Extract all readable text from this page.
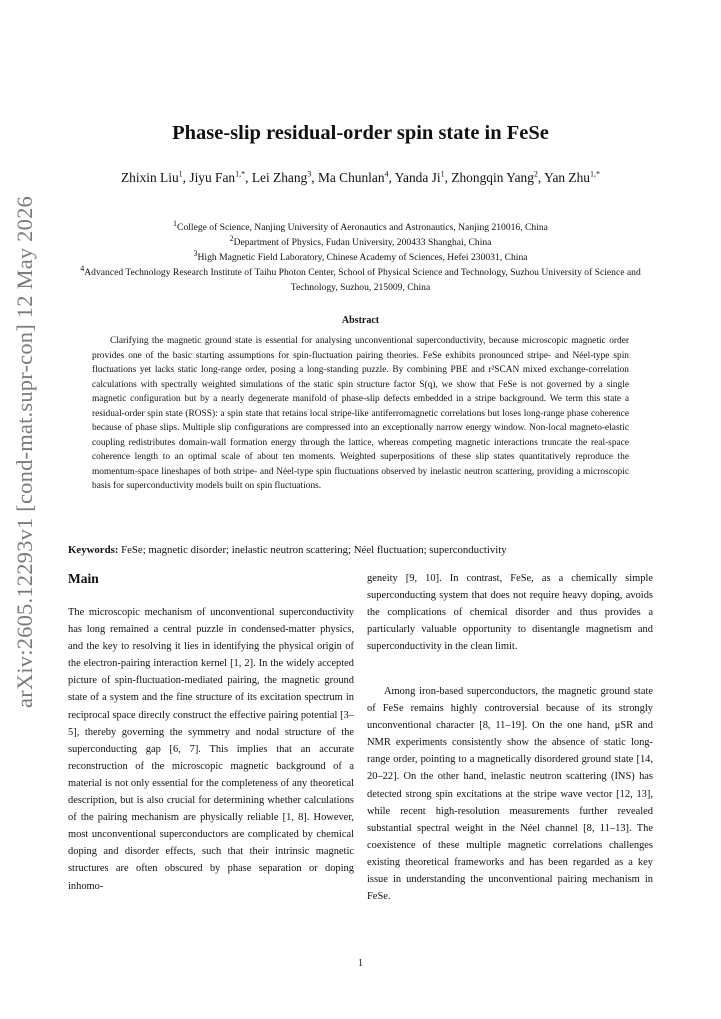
arXiv:2605.12293v1 [cond-mat.supr-con] 12 May 2026
Phase-slip residual-order spin state in FeSe
Zhixin Liu$^1$, Jiyu Fan$^{1,*}$, Lei Zhang$^3$, Ma Chunlan$^4$, Yanda Ji$^1$, Zhongqin Yang$^2$, Yan Zhu$^{1,*}$
$^1$College of Science, Nanjing University of Aeronautics and Astronautics, Nanjing 210016, China
$^2$Department of Physics, Fudan University, 200433 Shanghai, China
$^3$High Magnetic Field Laboratory, Chinese Academy of Sciences, Hefei 230031, China
$^4$Advanced Technology Research Institute of Taihu Photon Center, School of Physical Science and Technology, Suzhou University of Science and Technology, Suzhou, 215009, China
Abstract
Clarifying the magnetic ground state is essential for analysing unconventional superconductivity, because microscopic magnetic order provides one of the basic starting assumptions for spin-fluctuation pairing theories. FeSe exhibits pronounced stripe- and Néel-type spin fluctuations yet lacks static long-range order, posing a long-standing puzzle. By combining PBE and r²SCAN mixed exchange-correlation calculations with spectrally weighted simulations of the static spin structure factor S(q), we show that FeSe is not governed by a single magnetic configuration but by a nearly degenerate manifold of phase-slip defects embedded in a stripe background. We term this state a residual-order spin state (ROSS): a spin state that retains local stripe-like antiferromagnetic correlations but loses long-range phase coherence because of phase slips. Multiple slip configurations are compressed into an exceptionally narrow energy window. Non-local magneto-elastic coupling redistributes domain-wall formation energy through the lattice, whereas competing magnetic interactions truncate the real-space coherence length to an optimal scale of about ten moments. Weighted superpositions of these slip states quantitatively reproduce the momentum-space lineshapes of both stripe- and Néel-type spin fluctuations observed by inelastic neutron scattering, providing a microscopic basis for superconductivity models built on spin fluctuations.
Keywords: FeSe; magnetic disorder; inelastic neutron scattering; Néel fluctuation; superconductivity
Main
The microscopic mechanism of unconventional superconductivity has long remained a central puzzle in condensed-matter physics, and the key to resolving it lies in identifying the physical origin of the electron-pairing interaction kernel [1, 2]. In the widely accepted picture of spin-fluctuation-mediated pairing, the magnetic ground state of a system and the fine structure of its excitation spectrum in reciprocal space directly construct the effective pairing potential [3–5], thereby governing the symmetry and nodal structure of the superconducting gap [6, 7]. This implies that an accurate reconstruction of the microscopic magnetic background of a material is not only essential for the completeness of any theoretical description, but is also crucial for determining whether calculations of the pairing mechanism are physically reliable [1, 8]. However, most unconventional superconductors are complicated by chemical doping and disorder effects, such that their intrinsic magnetic structures are often obscured by phase separation or doping inhomo-
geneity [9, 10]. In contrast, FeSe, as a chemically simple superconducting system that does not require heavy doping, avoids the complications of chemical disorder and thus provides a particularly valuable opportunity to disentangle magnetism and superconductivity in the clean limit.
Among iron-based superconductors, the magnetic ground state of FeSe remains highly controversial because of its strongly unconventional character [8, 11–19]. On the one hand, μSR and NMR experiments consistently show the absence of static long-range order, pointing to a magnetically disordered ground state [14, 20–22]. On the other hand, inelastic neutron scattering (INS) has detected strong spin excitations at the stripe wave vector [12, 13], while recent high-resolution measurements further revealed substantial spectral weight in the Néel channel [8, 11–13]. The coexistence of these multiple magnetic correlations challenges existing theoretical frameworks and has been regarded as a key issue in understanding the unconventional pairing mechanism in FeSe.
1
